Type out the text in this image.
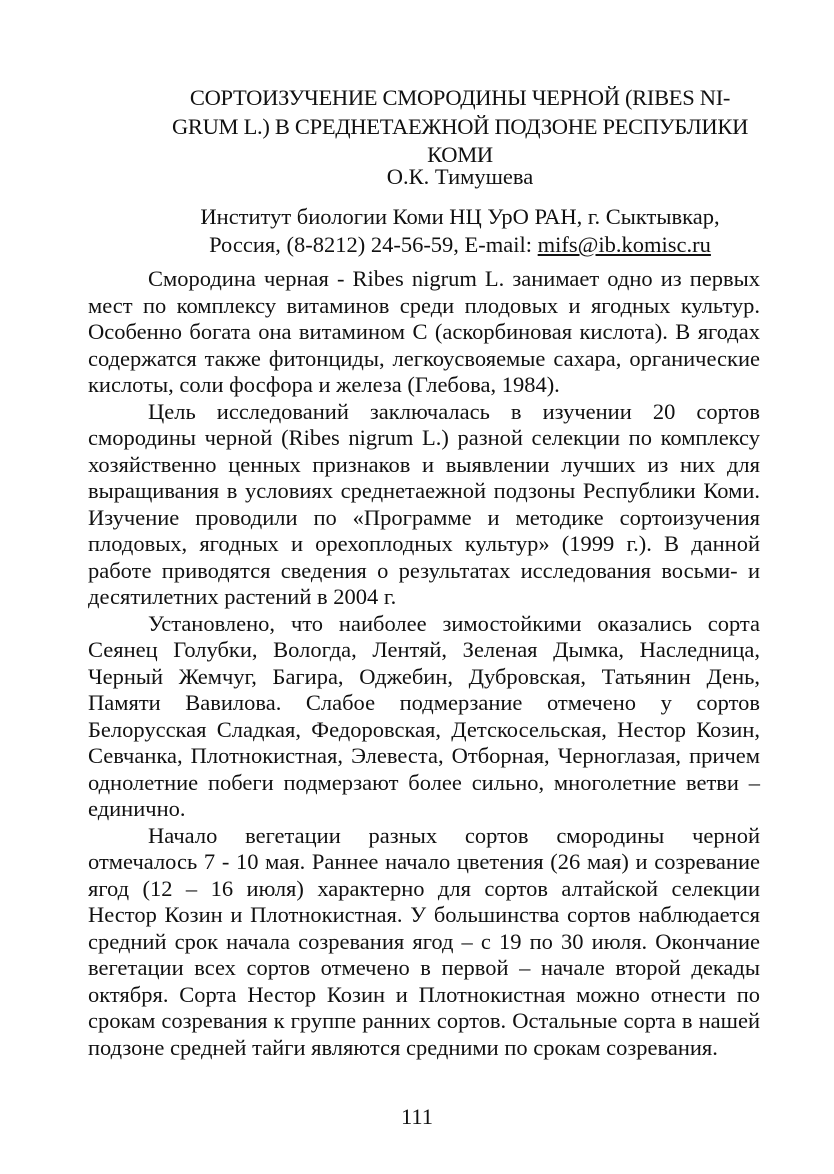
СОРТОИЗУЧЕНИЕ СМОРОДИНЫ ЧЕРНОЙ (RIBES NI-
GRUM L.) В СРЕДНЕТАЕЖНОЙ ПОДЗОНЕ РЕСПУБЛИКИ
КОМИ
О.К. Тимушева
Институт биологии Коми НЦ УрО РАН, г. Сыктывкар,
Россия, (8-8212) 24-56-59, E-mail: mifs@ib.komisc.ru

Смородина черная - Ribes nigrum L. занимает одно из первых мест по комплексу витаминов среди плодовых и ягодных культур. Особенно богата она витамином С (аскорбиновая кислота). В ягодах содержатся также фитонциды, легкоусвояемые сахара, органические кислоты, соли фосфора и железа (Глебова, 1984).

Цель исследований заключалась в изучении 20 сортов смородины черной (Ribes nigrum L.) разной селекции по комплексу хозяйственно ценных признаков и выявлении лучших из них для выращивания в условиях среднетаежной подзоны Республики Коми. Изучение проводили по «Программе и методике сортоизучения плодовых, ягодных и орехоплодных культур» (1999 г.). В данной работе приводятся сведения о результатах исследования восьми- и десятилетних растений в 2004 г.

Установлено, что наиболее зимостойкими оказались сорта Сеянец Голубки, Вологда, Лентяй, Зеленая Дымка, Наследница, Черный Жемчуг, Багира, Оджебин, Дубровская, Татьянин День, Памяти Вавилова. Слабое подмерзание отмечено у сортов Белорусская Сладкая, Федоровская, Детскосельская, Нестор Козин, Севчанка, Плотнокистная, Элевеста, Отборная, Черноглазая, причем однолетние побеги подмерзают более сильно, многолетние ветви – единично.

Начало вегетации разных сортов смородины черной отмечалось 7 - 10 мая. Раннее начало цветения (26 мая) и созревание ягод (12 – 16 июля) характерно для сортов алтайской селекции Нестор Козин и Плотнокистная. У большинства сортов наблюдается средний срок начала созревания ягод – с 19 по 30 июля. Окончание вегетации всех сортов отмечено в первой – начале второй декады октября. Сорта Нестор Козин и Плотнокистная можно отнести по срокам созревания к группе ранних сортов. Остальные сорта в нашей подзоне средней тайги являются средними по срокам созревания.

111
